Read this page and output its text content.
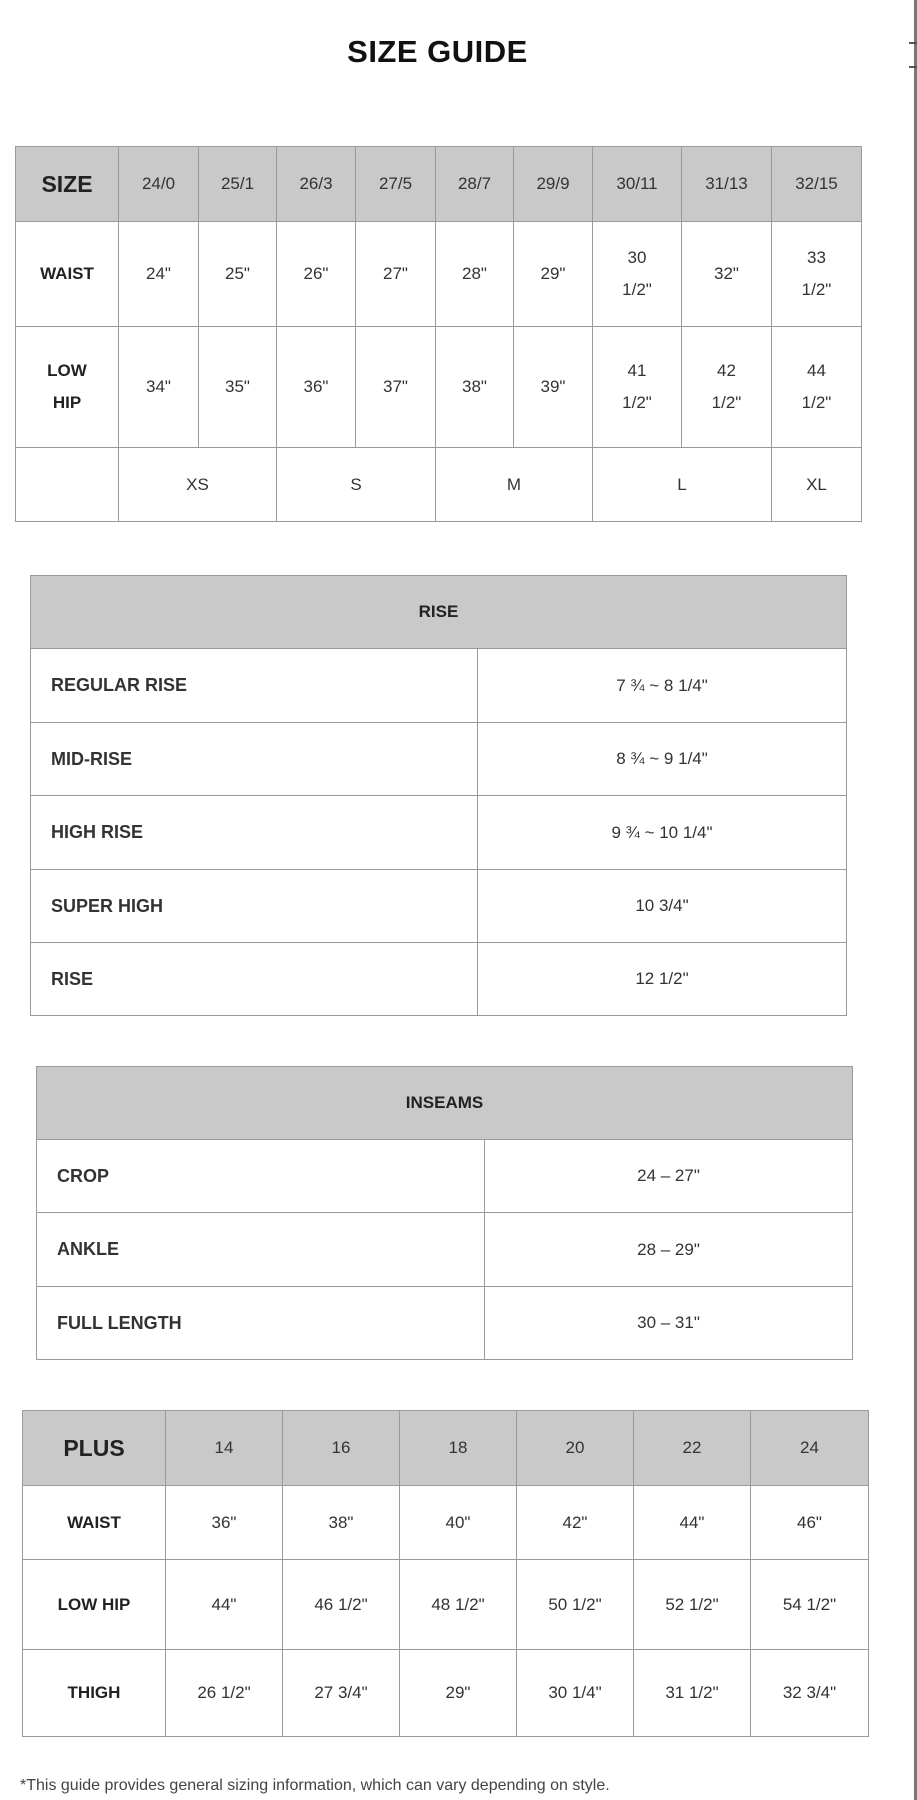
SIZE GUIDE
SIZE	24/0	25/1	26/3	27/5	28/7	29/9	30/11	31/13	32/15
WAIST	24"	25"	26"	27"	28"	29"	30 1/2"	32"	33 1/2"
LOW HIP	34"	35"	36"	37"	38"	39"	41 1/2"	42 1/2"	44 1/2"
	XS		S		M		L		XL
RISE	
REGULAR RISE	7 ¾ ~ 8 1/4"
MID-RISE	8 ¾ ~ 9 1/4"
HIGH RISE	9 ¾ ~ 10 1/4"
SUPER HIGH	10 3/4"
RISE	12 1/2"
INSEAMS	
CROP	24 – 27"
ANKLE	28 – 29"
FULL LENGTH	30 – 31"
PLUS	14	16	18	20	22	24
WAIST	36"	38"	40"	42"	44"	46"
LOW HIP	44"	46 1/2"	48 1/2"	50 1/2"	52 1/2"	54 1/2"
THIGH	26 1/2"	27 3/4"	29"	30 1/4"	31 1/2"	32 3/4"
*This guide provides general sizing information, which can vary depending on style.
